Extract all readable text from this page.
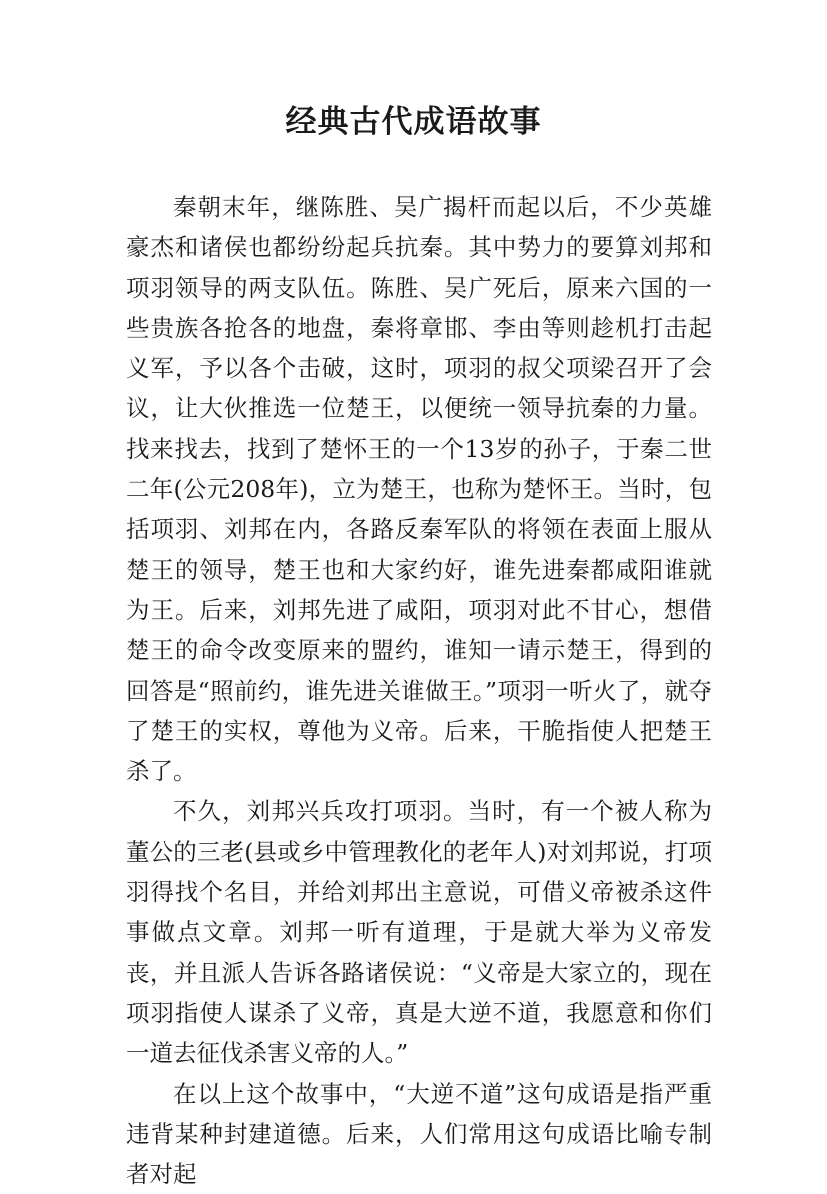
经典古代成语故事

秦朝末年，继陈胜、吴广揭杆而起以后，不少英雄豪杰和诸侯也都纷纷起兵抗秦。其中势力的要算刘邦和项羽领导的两支队伍。陈胜、吴广死后，原来六国的一些贵族各抢各的地盘，秦将章邯、李由等则趁机打击起义军，予以各个击破，这时，项羽的叔父项梁召开了会议，让大伙推选一位楚王，以便统一领导抗秦的力量。找来找去，找到了楚怀王的一个13岁的孙子，于秦二世二年(公元208年)，立为楚王，也称为楚怀王。当时，包括项羽、刘邦在内，各路反秦军队的将领在表面上服从楚王的领导，楚王也和大家约好，谁先进秦都咸阳谁就为王。后来，刘邦先进了咸阳，项羽对此不甘心，想借楚王的命令改变原来的盟约，谁知一请示楚王，得到的回答是“照前约，谁先进关谁做王。”项羽一听火了，就夺了楚王的实权，尊他为义帝。后来，干脆指使人把楚王杀了。

不久，刘邦兴兵攻打项羽。当时，有一个被人称为董公的三老(县或乡中管理教化的老年人)对刘邦说，打项羽得找个名目，并给刘邦出主意说，可借义帝被杀这件事做点文章。刘邦一听有道理，于是就大举为义帝发丧，并且派人告诉各路诸侯说：“义帝是大家立的，现在项羽指使人谋杀了义帝，真是大逆不道，我愿意和你们一道去征伐杀害义帝的人。”

在以上这个故事中，“大逆不道”这句成语是指严重违背某种封建道德。后来，人们常用这句成语比喻专制者对起
